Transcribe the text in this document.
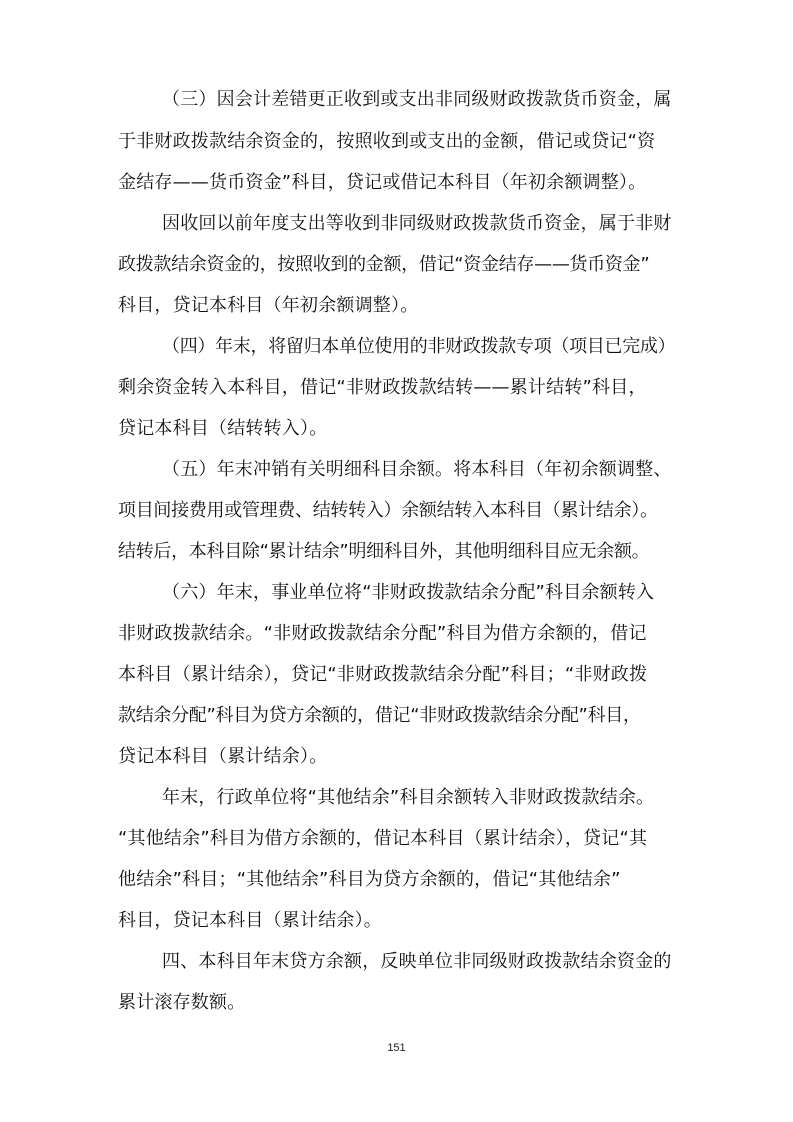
（三）因会计差错更正收到或支出非同级财政拨款货币资金，属
于非财政拨款结余资金的，按照收到或支出的金额，借记或贷记“资
金结存——货币资金”科目，贷记或借记本科目（年初余额调整）。
因收回以前年度支出等收到非同级财政拨款货币资金，属于非财
政拨款结余资金的，按照收到的金额，借记“资金结存——货币资金”
科目，贷记本科目（年初余额调整）。
（四）年末，将留归本单位使用的非财政拨款专项（项目已完成）
剩余资金转入本科目，借记“非财政拨款结转——累计结转”科目，
贷记本科目（结转转入）。
（五）年末冲销有关明细科目余额。将本科目（年初余额调整、
项目间接费用或管理费、结转转入）余额结转入本科目（累计结余）。
结转后，本科目除“累计结余”明细科目外，其他明细科目应无余额。
（六）年末，事业单位将“非财政拨款结余分配”科目余额转入
非财政拨款结余。“非财政拨款结余分配”科目为借方余额的，借记
本科目（累计结余），贷记“非财政拨款结余分配”科目；“非财政拨
款结余分配”科目为贷方余额的，借记“非财政拨款结余分配”科目，
贷记本科目（累计结余）。
年末，行政单位将“其他结余”科目余额转入非财政拨款结余。
“其他结余”科目为借方余额的，借记本科目（累计结余），贷记“其
他结余”科目；“其他结余”科目为贷方余额的，借记“其他结余”
科目，贷记本科目（累计结余）。
四、本科目年末贷方余额，反映单位非同级财政拨款结余资金的
累计滚存数额。
151
